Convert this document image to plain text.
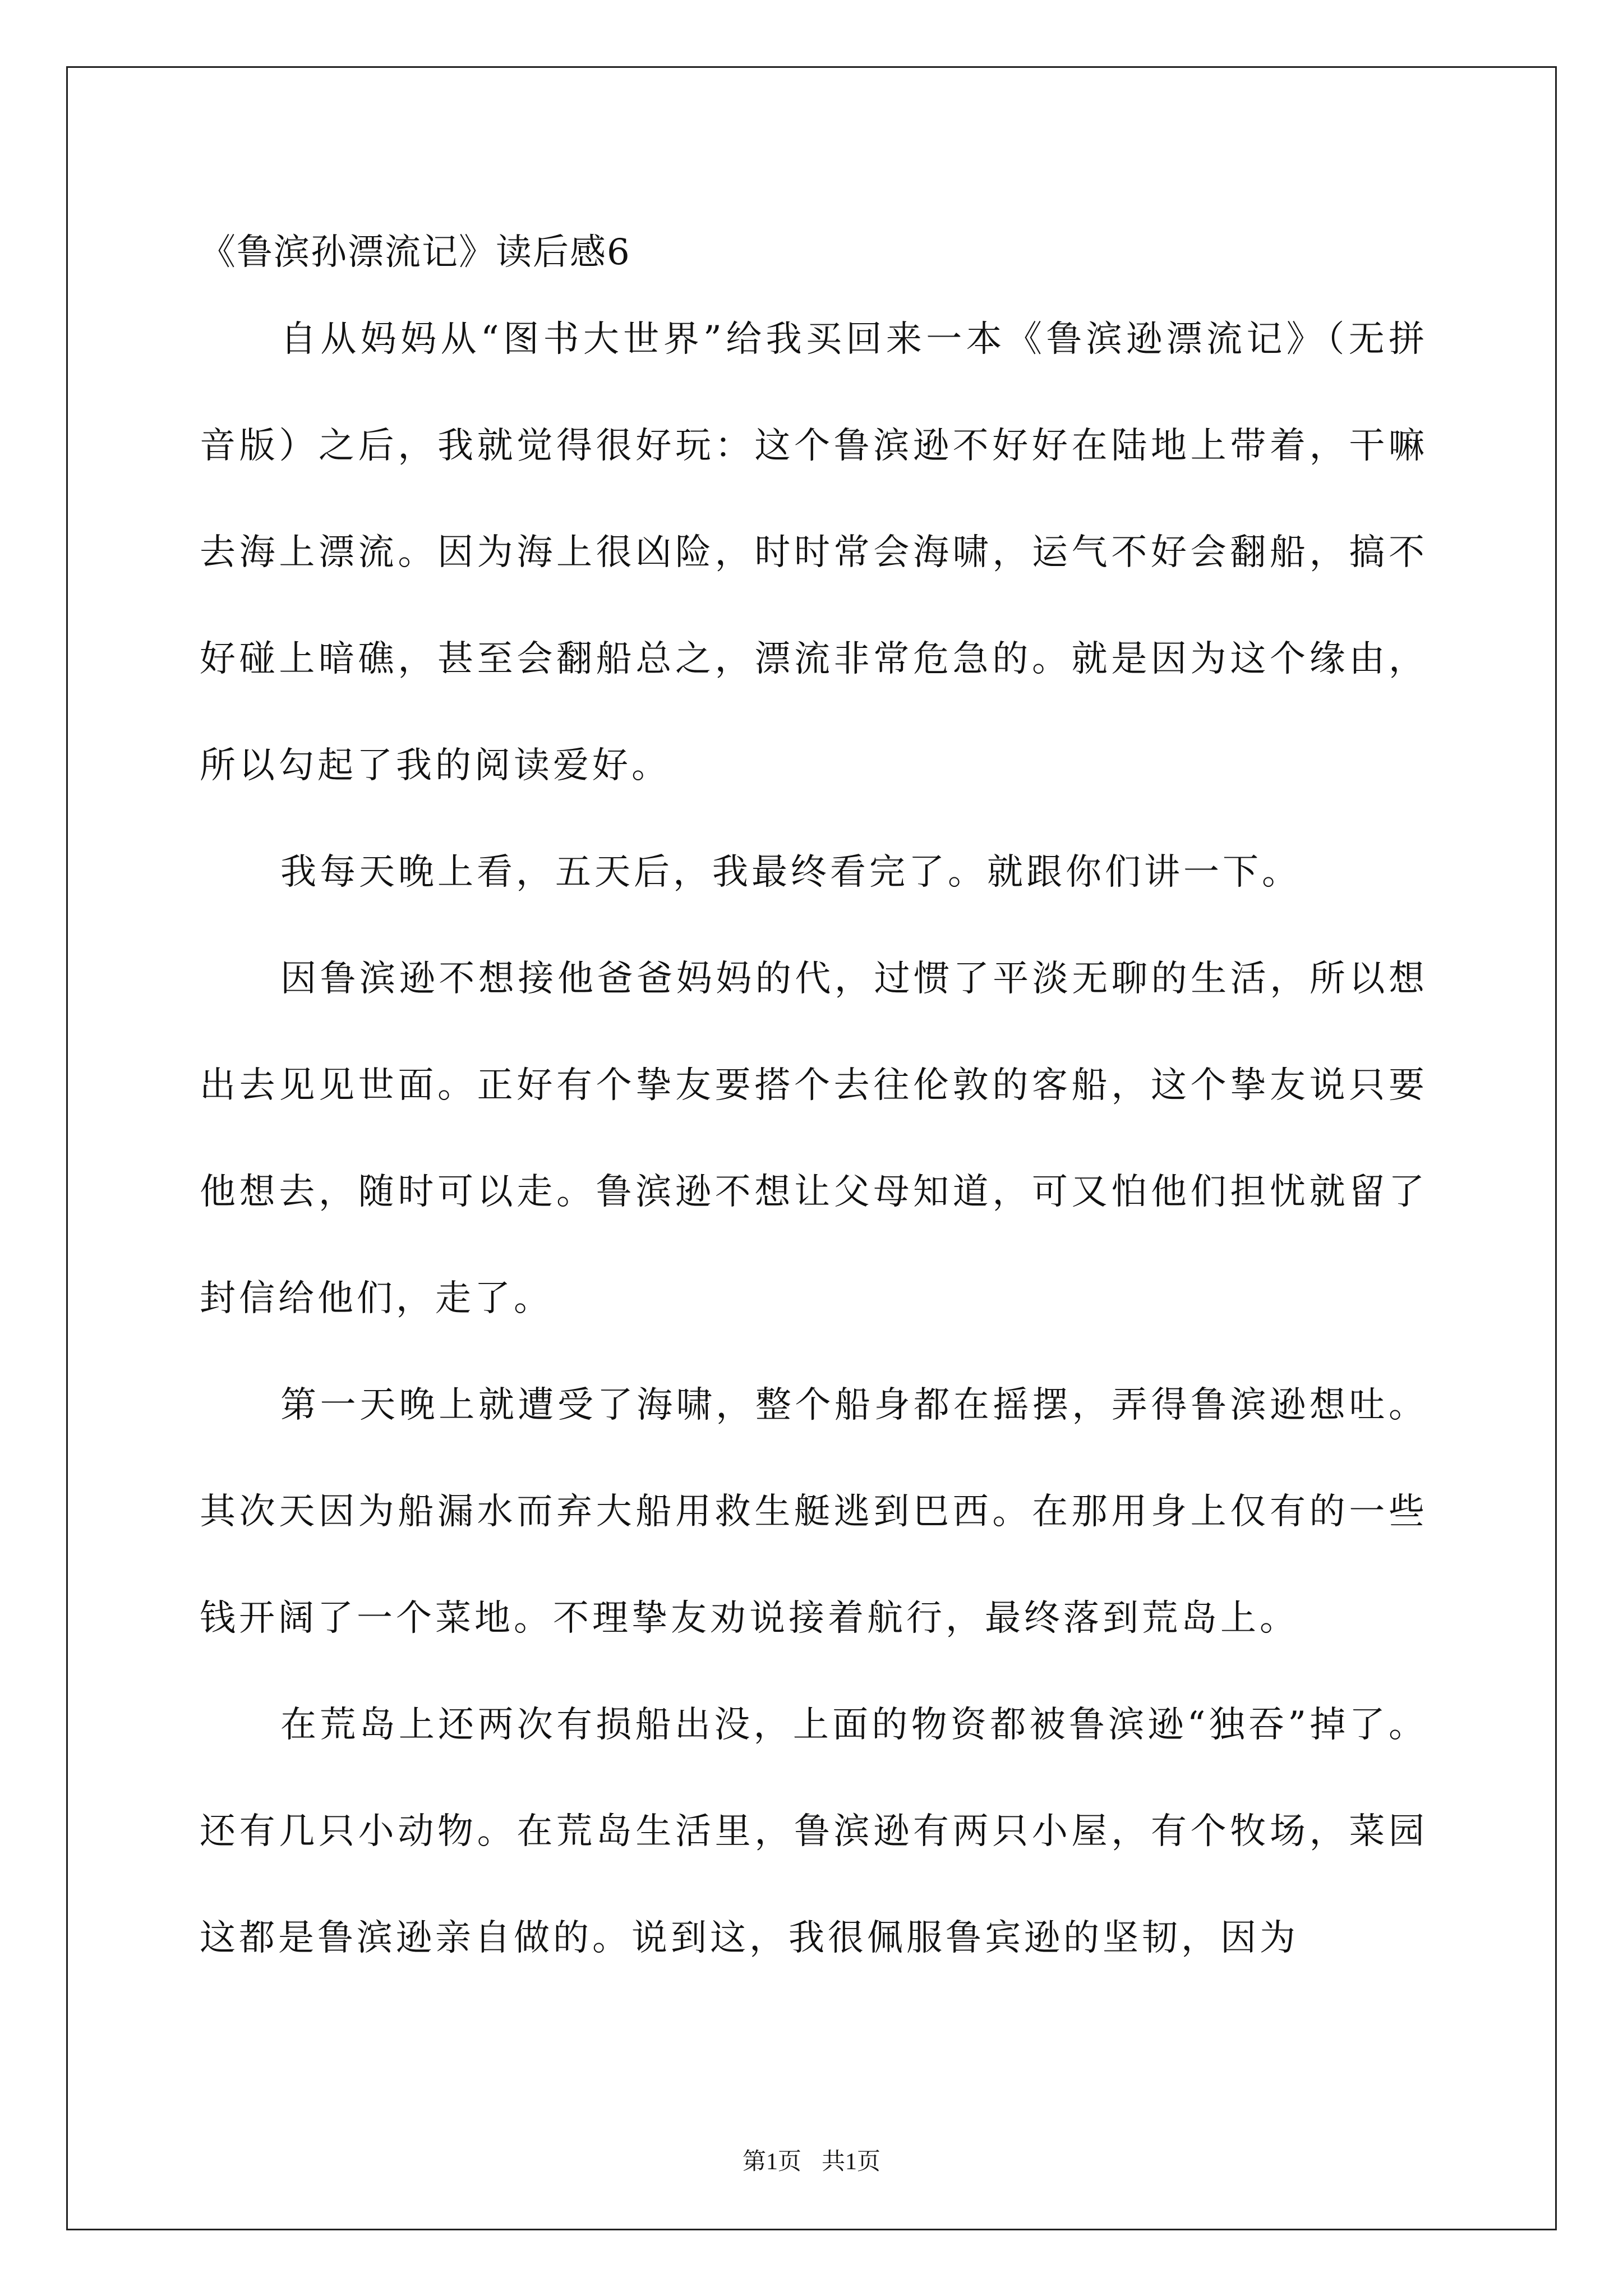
《鲁滨孙漂流记》读后感6

自从妈妈从“图书大世界”给我买回来一本《鲁滨逊漂流记》（无拼音版）之后，我就觉得很好玩：这个鲁滨逊不好好在陆地上带着，干嘛去海上漂流。因为海上很凶险，时时常会海啸，运气不好会翻船，搞不好碰上暗礁，甚至会翻船总之，漂流非常危急的。就是因为这个缘由，所以勾起了我的阅读爱好。

我每天晚上看，五天后，我最终看完了。就跟你们讲一下。

因鲁滨逊不想接他爸爸妈妈的代，过惯了平淡无聊的生活，所以想出去见见世面。正好有个挚友要搭个去往伦敦的客船，这个挚友说只要他想去，随时可以走。鲁滨逊不想让父母知道，可又怕他们担忧就留了封信给他们，走了。

第一天晚上就遭受了海啸，整个船身都在摇摆，弄得鲁滨逊想吐。其次天因为船漏水而弃大船用救生艇逃到巴西。在那用身上仅有的一些钱开阔了一个菜地。不理挚友劝说接着航行，最终落到荒岛上。

在荒岛上还两次有损船出没，上面的物资都被鲁滨逊“独吞”掉了。还有几只小动物。在荒岛生活里，鲁滨逊有两只小屋，有个牧场，菜园这都是鲁滨逊亲自做的。说到这，我很佩服鲁宾逊的坚韧，因为

第1页 共1页
